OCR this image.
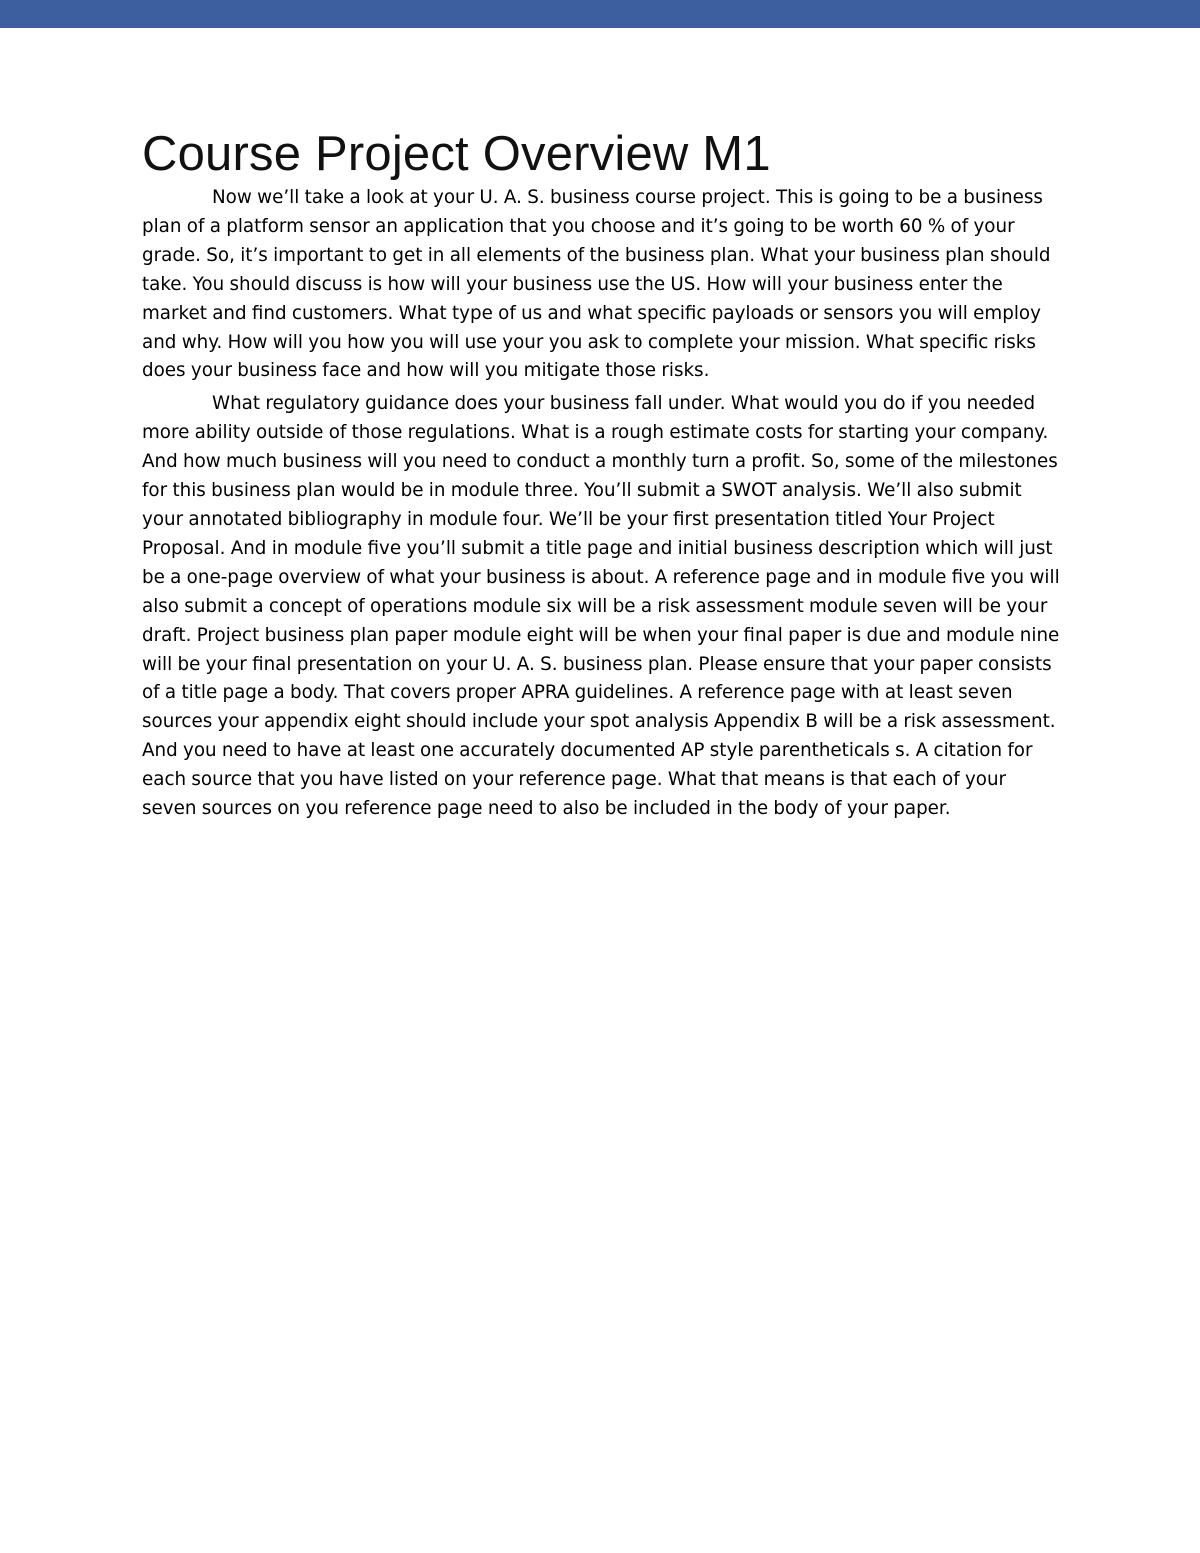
Course Project Overview M1

Now we’ll take a look at your U. A. S. business course project. This is going to be a business plan of a platform sensor an application that you choose and it’s going to be worth 60 % of your grade. So, it’s important to get in all elements of the business plan. What your business plan should take. You should discuss is how will your business use the US. How will your business enter the market and find customers. What type of us and what specific payloads or sensors you will employ and why. How will you how you will use your you ask to complete your mission. What specific risks does your business face and how will you mitigate those risks.

What regulatory guidance does your business fall under. What would you do if you needed more ability outside of those regulations. What is a rough estimate costs for starting your company. And how much business will you need to conduct a monthly turn a profit. So, some of the milestones for this business plan would be in module three. You’ll submit a SWOT analysis. We’ll also submit your annotated bibliography in module four. We’ll be your first presentation titled Your Project Proposal. And in module five you’ll submit a title page and initial business description which will just be a one-page overview of what your business is about. A reference page and in module five you will also submit a concept of operations module six will be a risk assessment module seven will be your draft. Project business plan paper module eight will be when your final paper is due and module nine will be your final presentation on your U. A. S. business plan. Please ensure that your paper consists of a title page a body. That covers proper APRA guidelines. A reference page with at least seven sources your appendix eight should include your spot analysis Appendix B will be a risk assessment. And you need to have at least one accurately documented AP style parentheticals s. A citation for each source that you have listed on your reference page. What that means is that each of your seven sources on you reference page need to also be included in the body of your paper.
